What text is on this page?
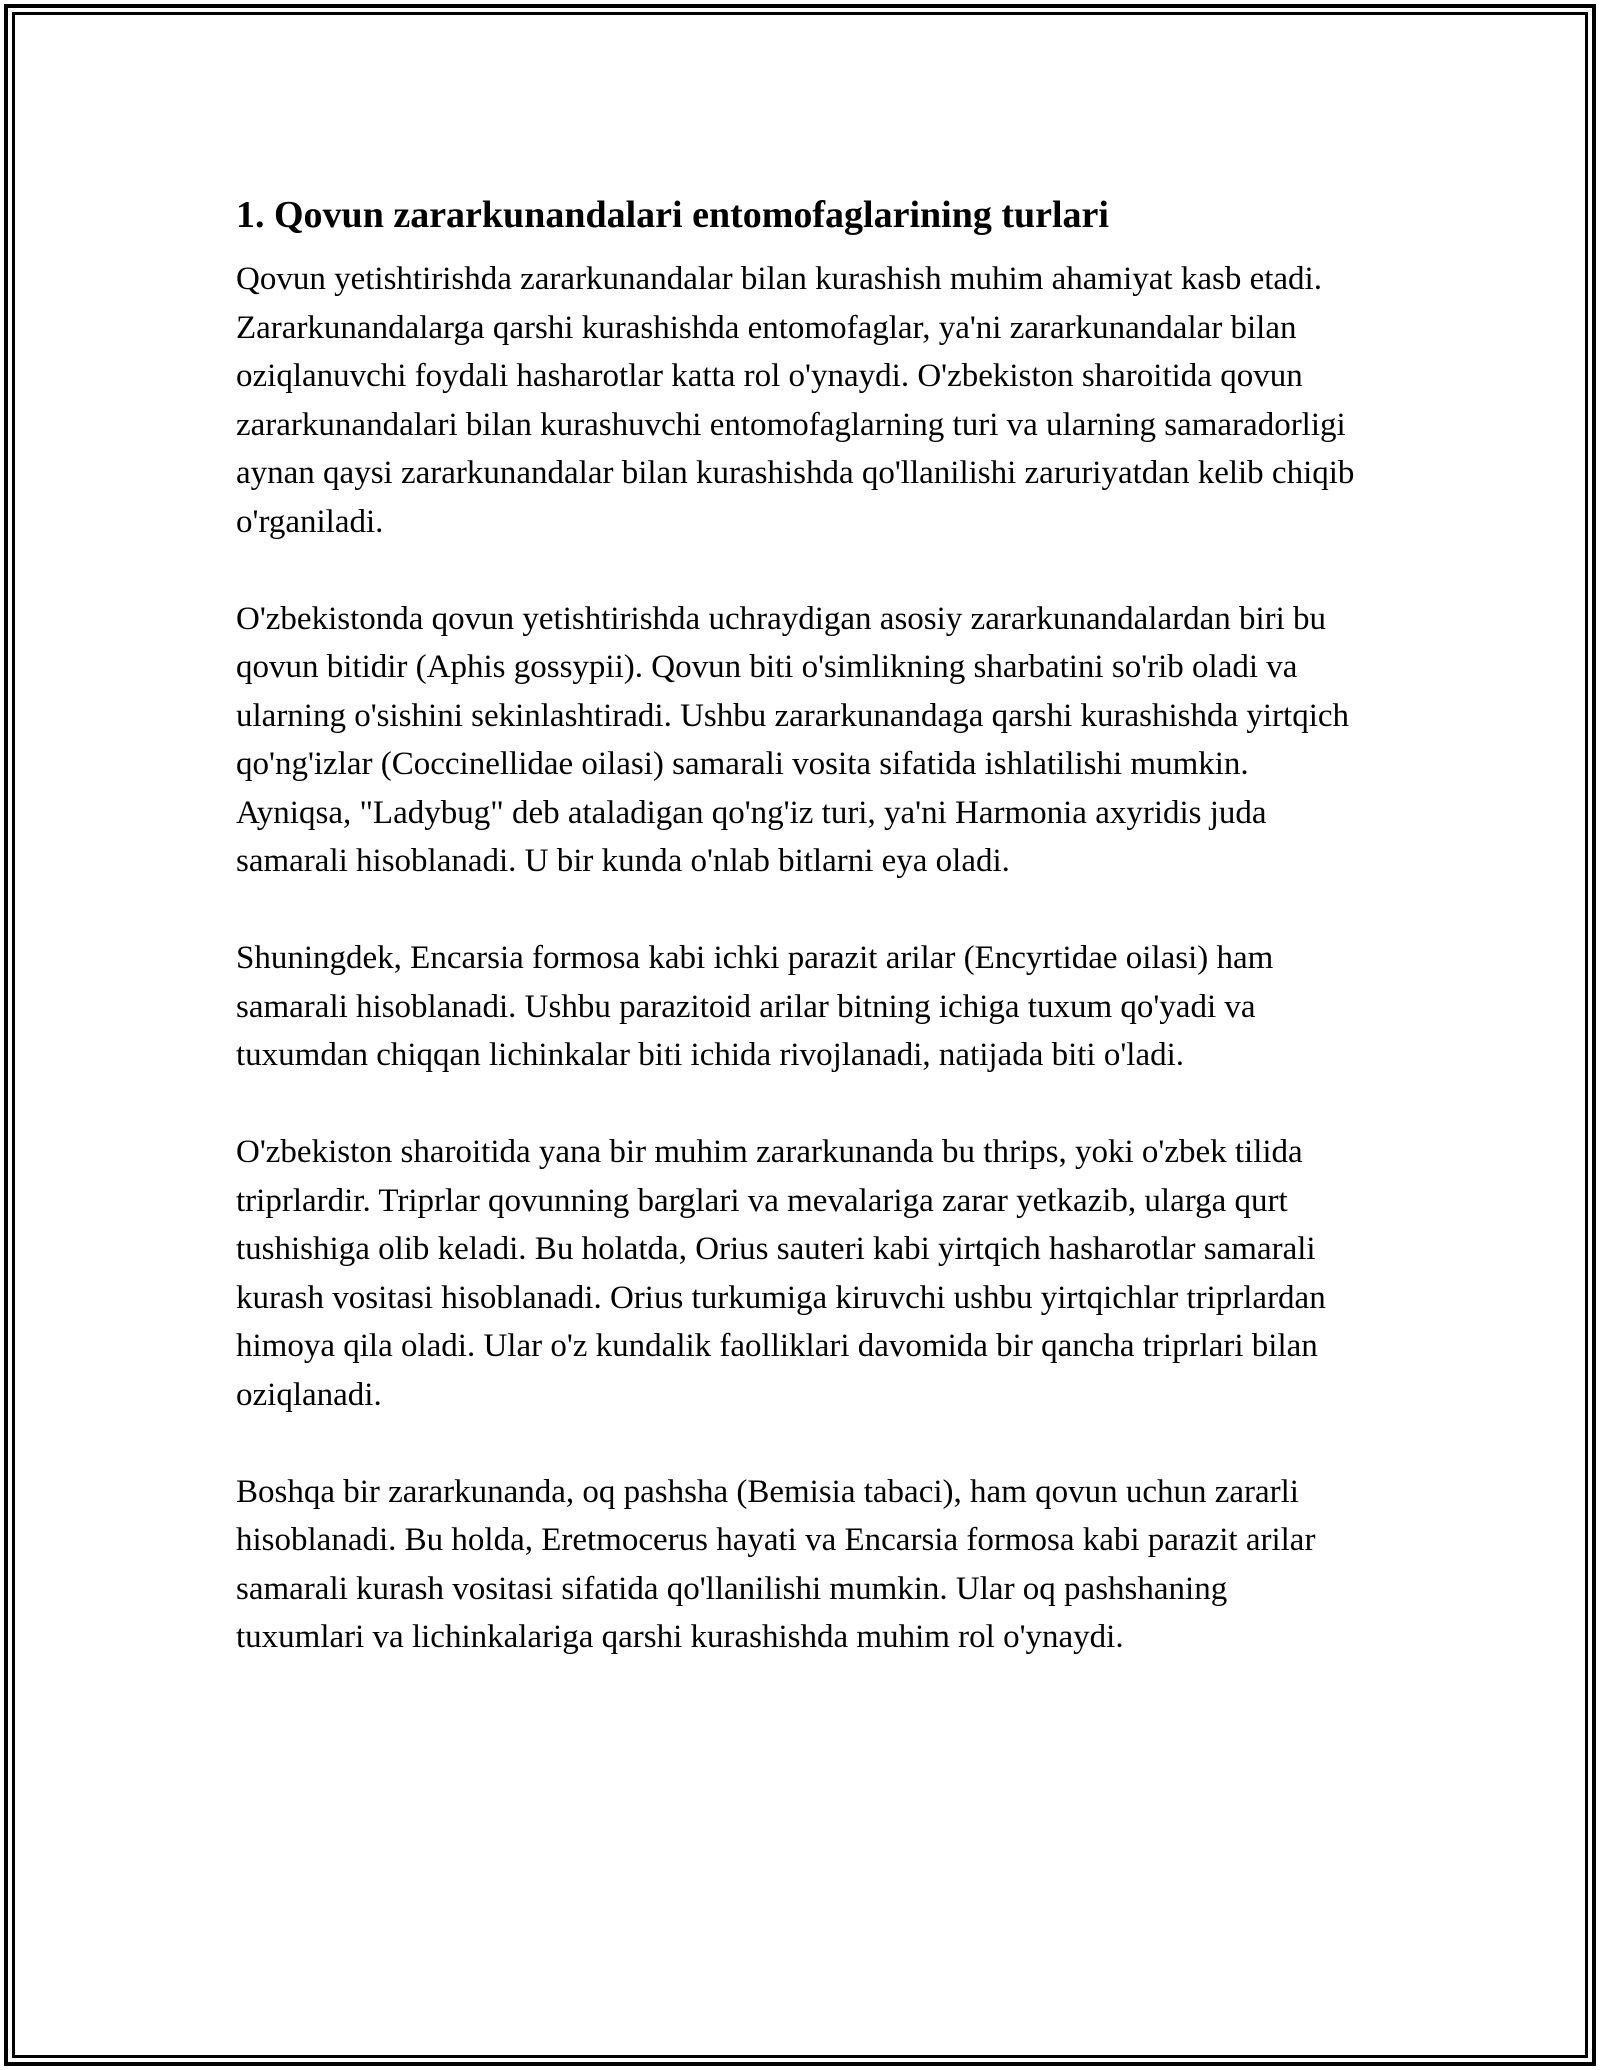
1. Qovun zararkunandalari entomofaglarining turlari

Qovun yetishtirishda zararkunandalar bilan kurashish muhim ahamiyat kasb etadi. Zararkunandalarga qarshi kurashishda entomofaglar, ya'ni zararkunandalar bilan oziqlanuvchi foydali hasharotlar katta rol o'ynaydi. O'zbekiston sharoitida qovun zararkunandalari bilan kurashuvchi entomofaglarning turi va ularning samaradorligi aynan qaysi zararkunandalar bilan kurashishda qo'llanilishi zaruriyatdan kelib chiqib o'rganiladi.

O'zbekistonda qovun yetishtirishda uchraydigan asosiy zararkunandalardan biri bu qovun bitidir (Aphis gossypii). Qovun biti o'simlikning sharbatini so'rib oladi va ularning o'sishini sekinlashtiradi. Ushbu zararkunandaga qarshi kurashishda yirtqich qo'ng'izlar (Coccinellidae oilasi) samarali vosita sifatida ishlatilishi mumkin. Ayniqsa, "Ladybug" deb ataladigan qo'ng'iz turi, ya'ni Harmonia axyridis juda samarali hisoblanadi. U bir kunda o'nlab bitlarni eya oladi.

Shuningdek, Encarsia formosa kabi ichki parazit arilar (Encyrtidae oilasi) ham samarali hisoblanadi. Ushbu parazitoid arilar bitning ichiga tuxum qo'yadi va tuxumdan chiqqan lichinkalar biti ichida rivojlanadi, natijada biti o'ladi.

O'zbekiston sharoitida yana bir muhim zararkunanda bu thrips, yoki o'zbek tilida triprlardir. Triprlar qovunning barglari va mevalariga zarar yetkazib, ularga qurt tushishiga olib keladi. Bu holatda, Orius sauteri kabi yirtqich hasharotlar samarali kurash vositasi hisoblanadi. Orius turkumiga kiruvchi ushbu yirtqichlar triprlardan himoya qila oladi. Ular o'z kundalik faolliklari davomida bir qancha triprlari bilan oziqlanadi.

Boshqa bir zararkunanda, oq pashsha (Bemisia tabaci), ham qovun uchun zararli hisoblanadi. Bu holda, Eretmocerus hayati va Encarsia formosa kabi parazit arilar samarali kurash vositasi sifatida qo'llanilishi mumkin. Ular oq pashshaning tuxumlari va lichinkalariga qarshi kurashishda muhim rol o'ynaydi.
